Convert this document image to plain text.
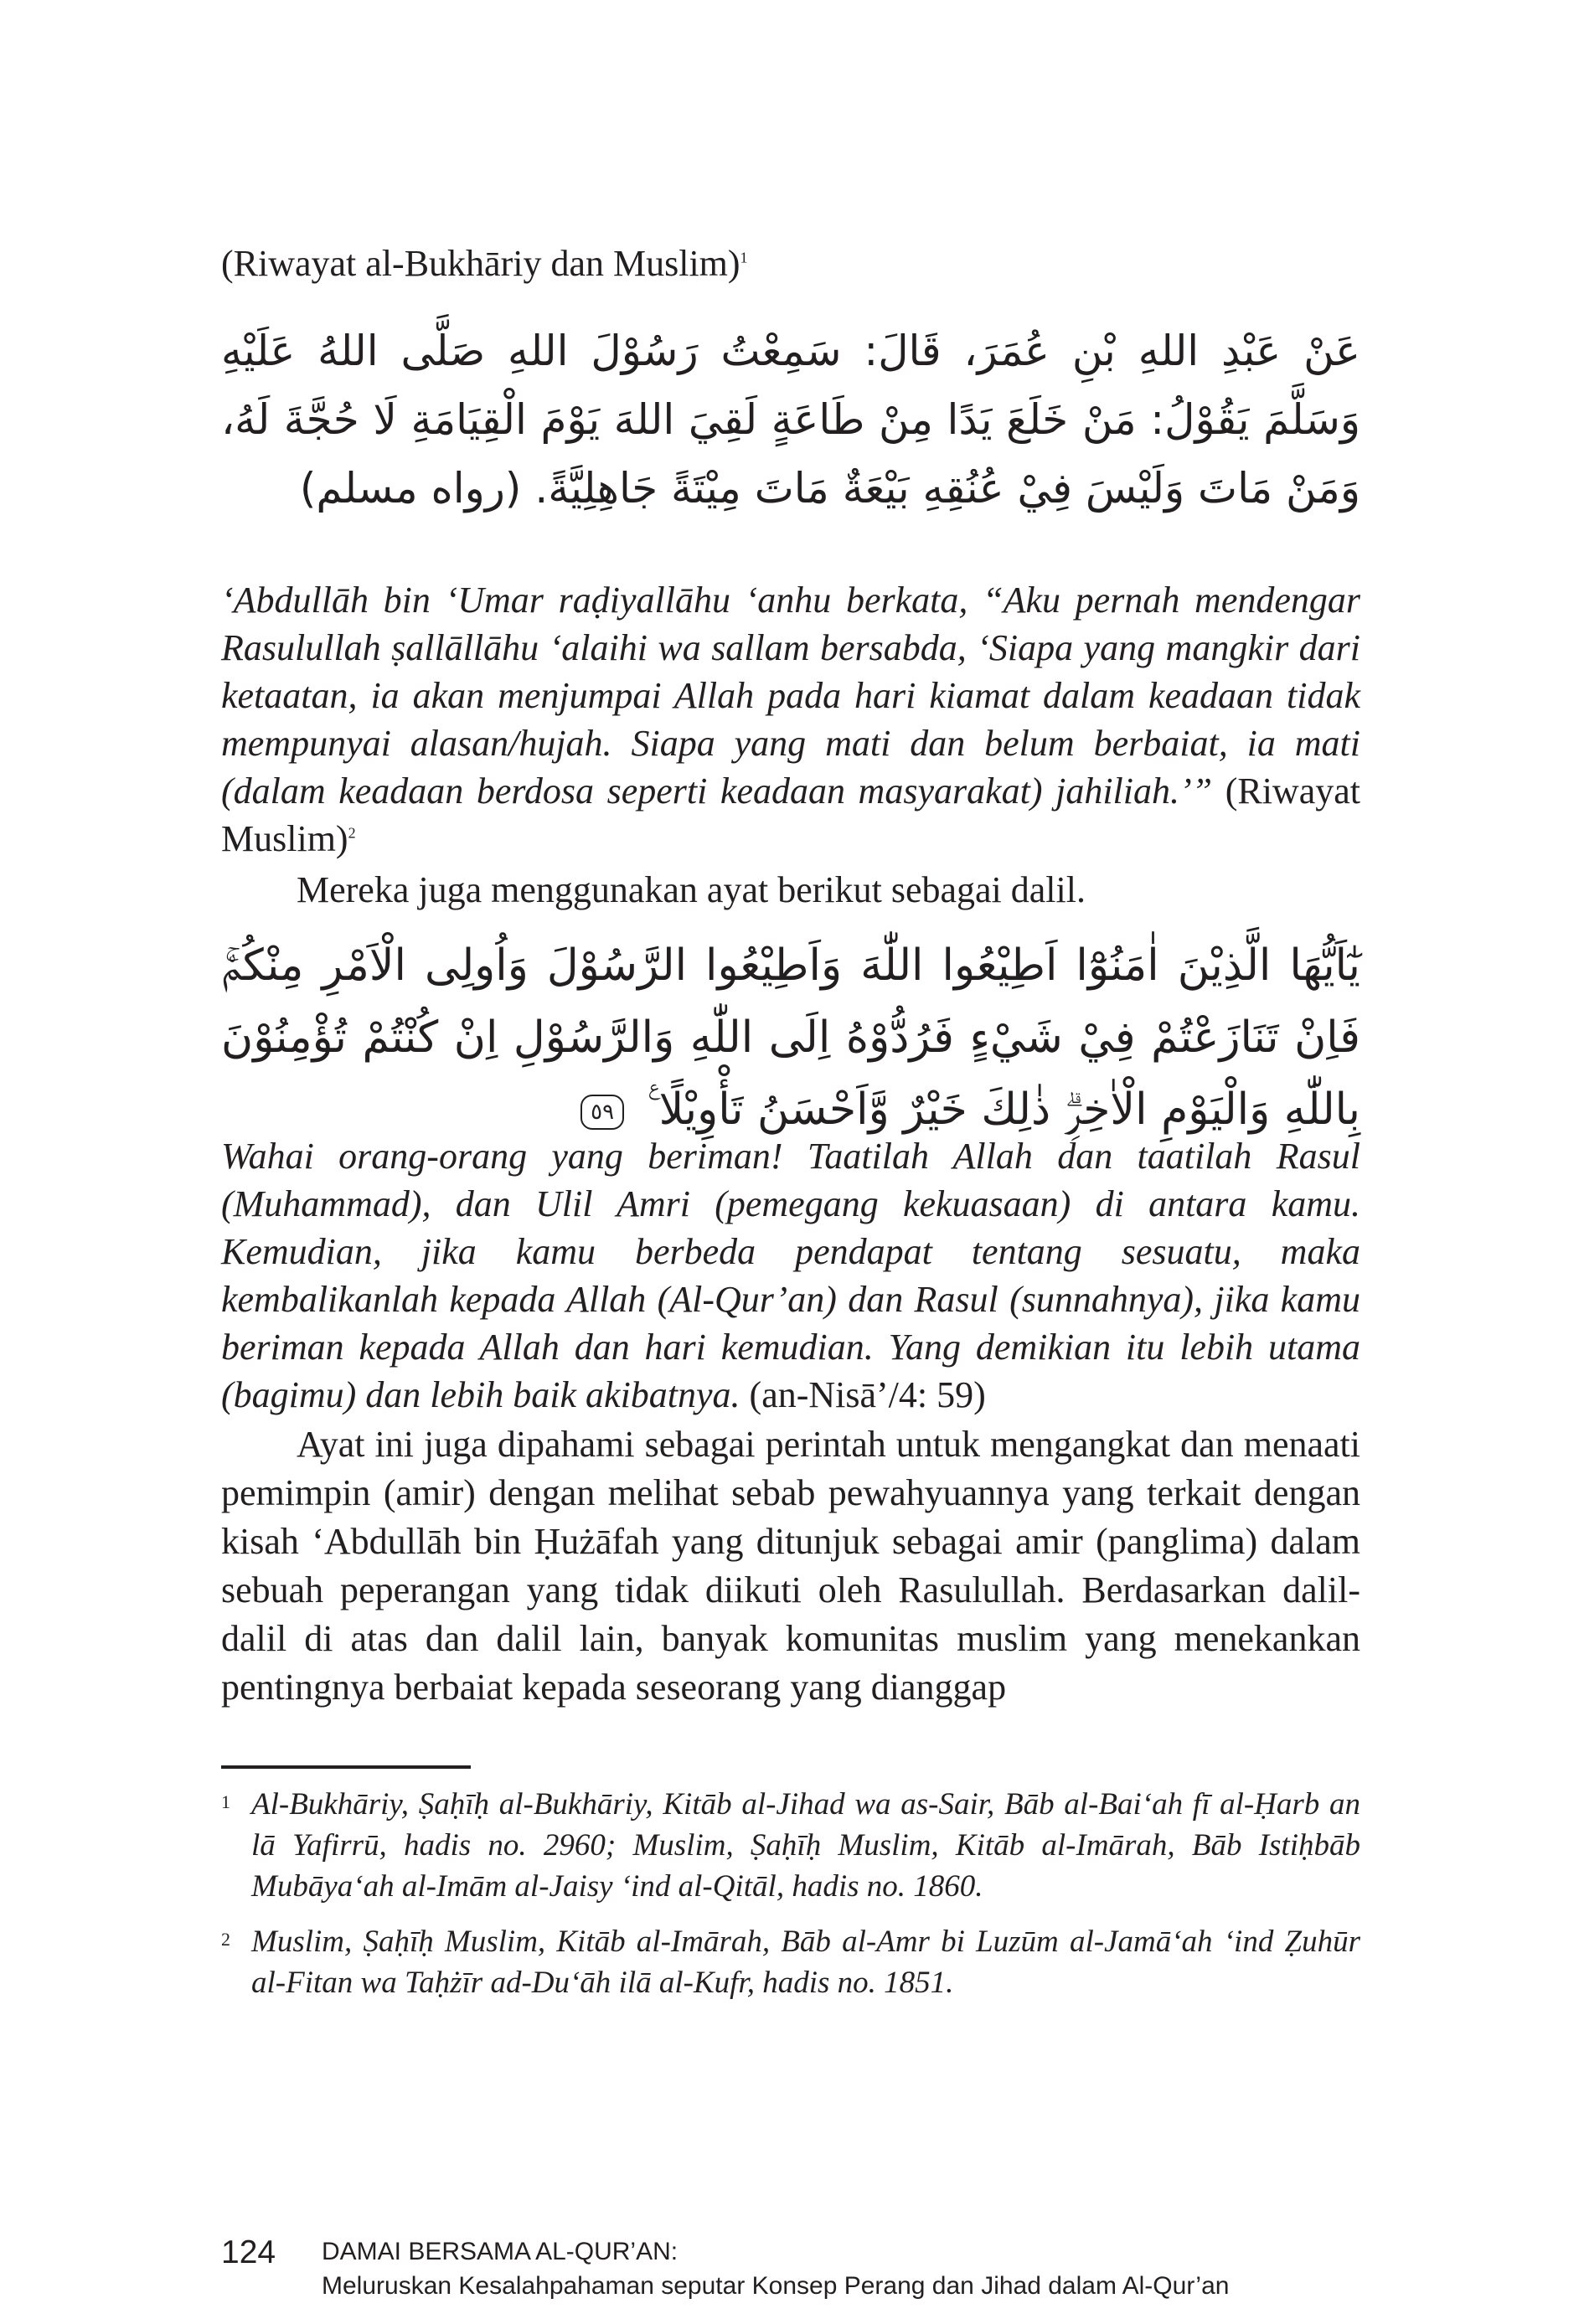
(Riwayat al-Bukhāriy dan Muslim)$^1$

عَنْ عَبْدِ اللهِ بْنِ عُمَرَ، قَالَ: سَمِعْتُ رَسُوْلَ اللهِ صَلَّى اللهُ عَلَيْهِ وَسَلَّمَ يَقُوْلُ: مَنْ خَلَعَ يَدًا مِنْ طَاعَةٍ لَقِيَ اللهَ يَوْمَ الْقِيَامَةِ لَا حُجَّةَ لَهُ، وَمَنْ مَاتَ وَلَيْسَ فِيْ عُنُقِهِ بَيْعَةٌ مَاتَ مِيْتَةً جَاهِلِيَّةً. (رواه مسلم)

‘Abdullāh bin ‘Umar raḍiyallāhu ‘anhu berkata, “Aku pernah mendengar Rasulullah ṣallāllāhu ‘alaihi wa sallam bersabda, ‘Siapa yang mangkir dari ketaatan, ia akan menjumpai Allah pada hari kiamat dalam keadaan tidak mempunyai alasan/hujah. Siapa yang mati dan belum berbaiat, ia mati (dalam keadaan berdosa seperti keadaan masyarakat) jahiliah.’” (Riwayat Muslim)$^2$

Mereka juga menggunakan ayat berikut sebagai dalil.

يٰٓاَيُّهَا الَّذِيْنَ اٰمَنُوْٓا اَطِيْعُوا اللّٰهَ وَاَطِيْعُوا الرَّسُوْلَ وَاُولِى الْاَمْرِ مِنْكُمْۚ فَاِنْ تَنَازَعْتُمْ فِيْ شَيْءٍ فَرُدُّوْهُ اِلَى اللّٰهِ وَالرَّسُوْلِ اِنْ كُنْتُمْ تُؤْمِنُوْنَ بِاللّٰهِ وَالْيَوْمِ الْاٰخِرِۗ ذٰلِكَ خَيْرٌ وَّاَحْسَنُ تَأْوِيْلًا ࣖ ٥٩

Wahai orang-orang yang beriman! Taatilah Allah dan taatilah Rasul (Muhammad), dan Ulil Amri (pemegang kekuasaan) di antara kamu. Kemudian, jika kamu berbeda pendapat tentang sesuatu, maka kembalikanlah kepada Allah (Al-Qur’an) dan Rasul (sunnahnya), jika kamu beriman kepada Allah dan hari kemudian. Yang demikian itu lebih utama (bagimu) dan lebih baik akibatnya. (an-Nisā’/4: 59)

Ayat ini juga dipahami sebagai perintah untuk mengangkat dan menaati pemimpin (amir) dengan melihat sebab pewahyuannya yang terkait dengan kisah ‘Abdullāh bin Ḥużāfah yang ditunjuk sebagai amir (panglima) dalam sebuah peperangan yang tidak diikuti oleh Rasulullah. Berdasarkan dalil-dalil di atas dan dalil lain, banyak komunitas muslim yang menekankan pentingnya berbaiat kepada seseorang yang dianggap

1 Al-Bukhāriy, Ṣaḥīḥ al-Bukhāriy, Kitāb al-Jihad wa as-Sair, Bāb al-Bai‘ah fī al-Ḥarb an lā Yafirrū, hadis no. 2960; Muslim, Ṣaḥīḥ Muslim, Kitāb al-Imārah, Bāb Istiḥbāb Mubāya‘ah al-Imām al-Jaisy ‘ind al-Qitāl, hadis no. 1860.

2 Muslim, Ṣaḥīḥ Muslim, Kitāb al-Imārah, Bāb al-Amr bi Luzūm al-Jamā‘ah ‘ind Ẓuhūr al-Fitan wa Taḥżīr ad-Du‘āh ilā al-Kufr, hadis no. 1851.

124	DAMAI BERSAMA AL-QUR’AN:
Meluruskan Kesalahpahaman seputar Konsep Perang dan Jihad dalam Al-Qur’an
